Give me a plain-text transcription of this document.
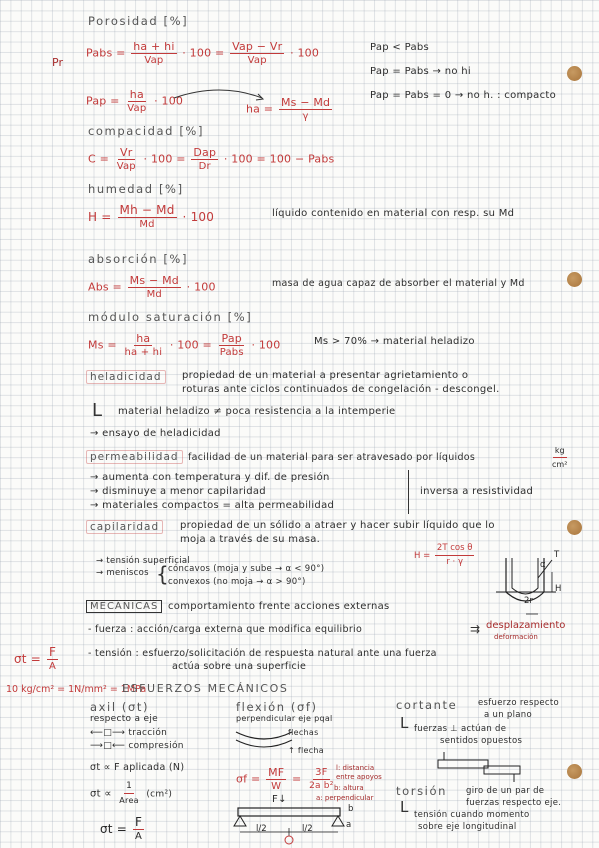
Porosidad [%]
Pr
Pabs = $\frac{ha + hi}{\text{Vap}} \cdot 100 = \frac{\text{Vap − Vr}}{\text{Vap}} \cdot 100$
Pap = $\frac{ha}{\text{Vap}} \cdot 100$
ha = $\frac{Ms - Md}{\gamma}$
Pap < Pabs
Pap = Pabs → no hi
Pap = Pabs = 0 → no h. : compacto
compacidad [%]
$C = \frac{Vr}{\text{Vap}} \cdot 100 = \frac{\text{Dap}}{Dr} \cdot 100 = 100$ − Pabs
humedad [%]
$H = \frac{Mh - Md}{Md} \cdot 100$	líquido contenido en material con resp. su Md
absorción [%]
Abs = $\frac{Ms - Md}{Md} \cdot 100$	masa de agua capaz de absorber el material y Md
módulo saturación [%]
$Ms = \frac{ha}{ha + hi} \cdot 100 = \frac{\text{Pap}}{\text{Pabs}} \cdot 100$	Ms > 70% → material heladizo
heladicidad	propiedad de un material a presentar agrietamiento o
roturas ante ciclos continuados de congelación - descongel.
L material heladizo ≠ poca resistencia a la intemperie
→ ensayo de heladicidad
permeabilidad facilidad de un material para ser atravesado por líquidos	$\frac{kg}{\text{cm²}}$
→ aumenta con temperatura y dif. de presión
→ disminuye a menor capilaridad
→ materiales compactos = alta permeabilidad
inversa a resistividad
capilaridad	propiedad de un sólido a atraer y hacer subir líquido que lo
moja a través de su masa.
$H = \frac{\text{2T cos θ}}{r \cdot \gamma}$
→ tensión superficial
→ meniscos { cóncavos (moja y sube → α < 90°)
convexos (no moja → α > 90°)
T
α
H
2r
MECÁNICAS comportamiento frente acciones externas
- fuerza : acción/carga externa que modifica equilibrio	⇉ desplazamiento
deformación
- tensión : esfuerzo/solicitación de respuesta natural ante una fuerza
actúa sobre una superficie
$\sigma t = \frac{F}{A}$
10 kg/cm² = 1N/mm² = 1MPa
ESFUERZOS MECÁNICOS
axil (σt)
respecto a eje
⟵□⟶ tracción
⟶□⟵ compresión
σt ∝ F aplicada (N)
$\sigma t \propto \frac{1}{\text{Area}} (cm^2)$
$\sigma t = \frac{F}{A}$
flexión (σf)
perpendicular eje pqal
flechas
↑ flecha
$\sigma f = \frac{MF}{W} = \frac{3F}{\text{2a b²}} l$: distancia
entre apoyos
b: altura
a: perpendicular
F↓
l/2	l/2
b
a
cortante esfuerzo respecto
a un plano
L fuerzas ⊥ actúan de
sentidos opuestos
torsión giro de un par de
fuerzas respecto eje.
L tensión cuando momento
sobre eje longitudinal
